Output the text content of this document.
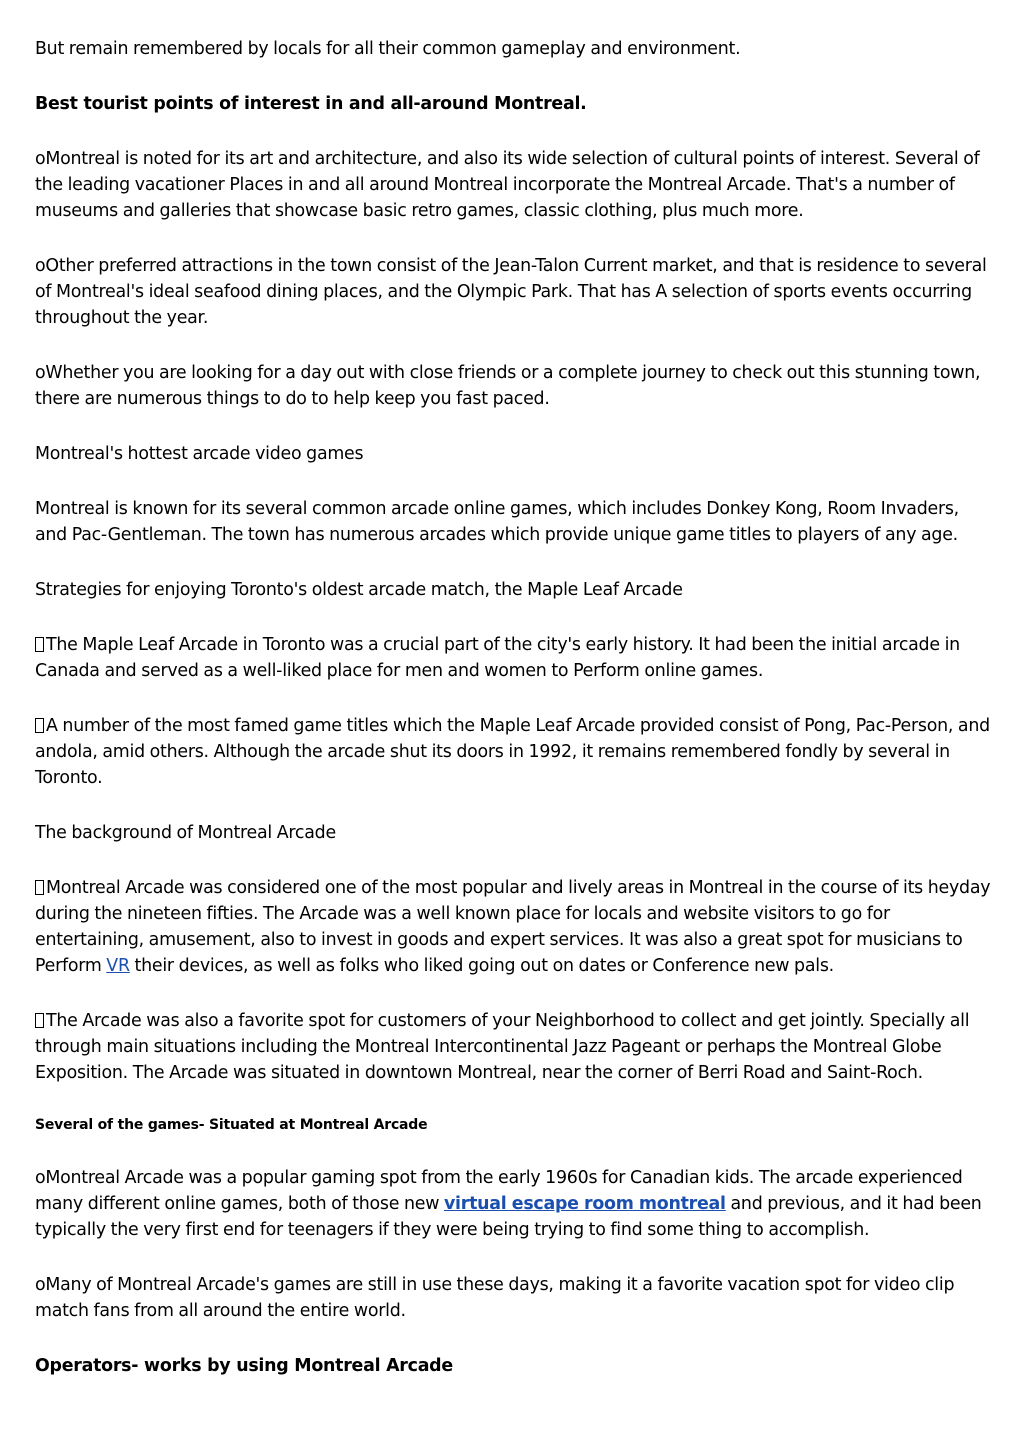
But remain remembered by locals for all their common gameplay and environment.

Best tourist points of interest in and all-around Montreal.

oMontreal is noted for its art and architecture, and also its wide selection of cultural points of interest. Several of the leading vacationer Places in and all around Montreal incorporate the Montreal Arcade. That's a number of museums and galleries that showcase basic retro games, classic clothing, plus much more.

oOther preferred attractions in the town consist of the Jean-Talon Current market, and that is residence to several of Montreal's ideal seafood dining places, and the Olympic Park. That has A selection of sports events occurring throughout the year.

oWhether you are looking for a day out with close friends or a complete journey to check out this stunning town, there are numerous things to do to help keep you fast paced.

Montreal's hottest arcade video games

Montreal is known for its several common arcade online games, which includes Donkey Kong, Room Invaders, and Pac-Gentleman. The town has numerous arcades which provide unique game titles to players of any age.

Strategies for enjoying Toronto's oldest arcade match, the Maple Leaf Arcade

The Maple Leaf Arcade in Toronto was a crucial part of the city's early history. It had been the initial arcade in Canada and served as a well-liked place for men and women to Perform online games.

A number of the most famed game titles which the Maple Leaf Arcade provided consist of Pong, Pac-Person, and andola, amid others. Although the arcade shut its doors in 1992, it remains remembered fondly by several in Toronto.

The background of Montreal Arcade

Montreal Arcade was considered one of the most popular and lively areas in Montreal in the course of its heyday during the nineteen fifties. The Arcade was a well known place for locals and website visitors to go for entertaining, amusement, also to invest in goods and expert services. It was also a great spot for musicians to Perform VR their devices, as well as folks who liked going out on dates or Conference new pals.

The Arcade was also a favorite spot for customers of your Neighborhood to collect and get jointly. Specially all through main situations including the Montreal Intercontinental Jazz Pageant or perhaps the Montreal Globe Exposition. The Arcade was situated in downtown Montreal, near the corner of Berri Road and Saint-Roch.

Several of the games- Situated at Montreal Arcade

oMontreal Arcade was a popular gaming spot from the early 1960s for Canadian kids. The arcade experienced many different online games, both of those new virtual escape room montreal and previous, and it had been typically the very first end for teenagers if they were being trying to find some thing to accomplish.

oMany of Montreal Arcade's games are still in use these days, making it a favorite vacation spot for video clip match fans from all around the entire world.

Operators- works by using Montreal Arcade
